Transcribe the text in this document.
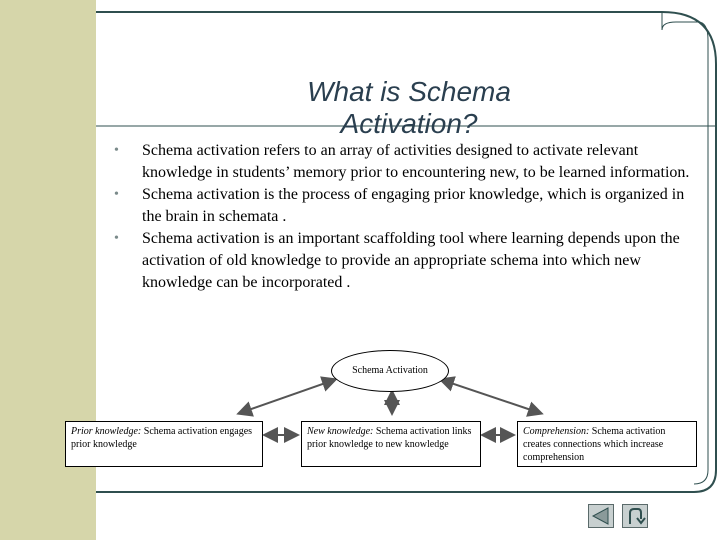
What is Schema Activation?
• Schema activation refers to an array of activities designed to activate relevant knowledge in students’ memory prior to encountering new, to be learned information.
• Schema activation is the process of engaging prior knowledge, which is organized in the brain in schemata .
• Schema activation is an important scaffolding tool where learning depends upon the activation of old knowledge to provide an appropriate schema into which new knowledge can be incorporated .
Schema Activation
Prior knowledge: Schema activation engages prior knowledge
New knowledge: Schema activation links prior knowledge to new knowledge
Comprehension: Schema activation creates connections which increase comprehension
